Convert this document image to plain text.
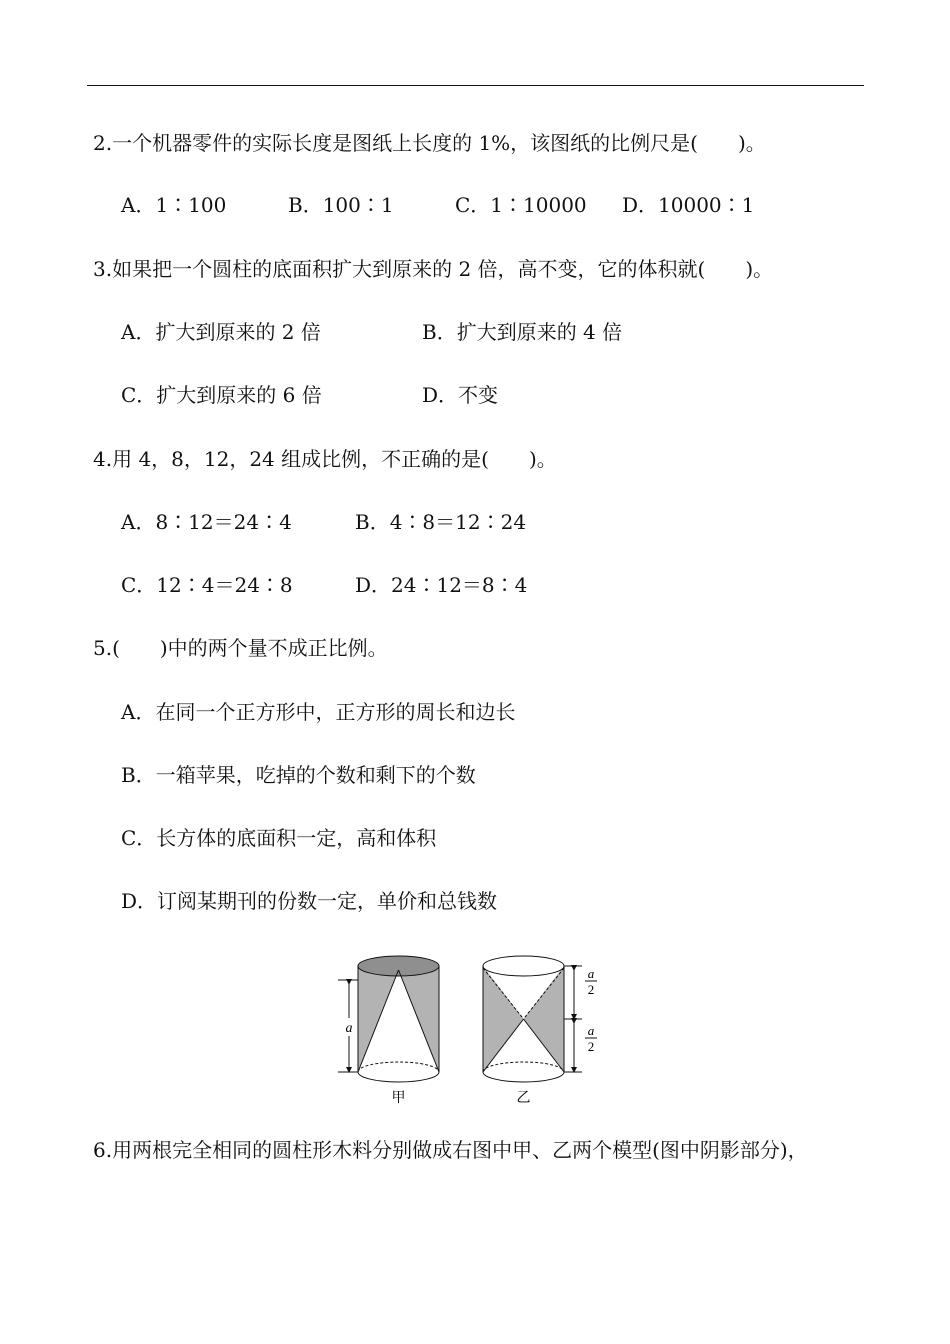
2.一个机器零件的实际长度是图纸上长度的 1%，该图纸的比例尺是(　　)。
A．1∶100	B．100∶1	C．1∶10000 D．10000∶1
3.如果把一个圆柱的底面积扩大到原来的 2 倍，高不变，它的体积就(　　)。
A．扩大到原来的 2 倍	B．扩大到原来的 4 倍
C．扩大到原来的 6 倍	D．不变
4.用 4，8，12，24 组成比例，不正确的是(　　)。
A．8∶12＝24∶4	B．4∶8＝12∶24
C．12∶4＝24∶8	D．24∶12＝8∶4
5.(　　)中的两个量不成正比例。
A．在同一个正方形中，正方形的周长和边长
B．一箱苹果，吃掉的个数和剩下的个数
C．长方体的底面积一定，高和体积
D．订阅某期刊的份数一定，单价和总钱数
a
a
2
a
2
甲	乙
6.用两根完全相同的圆柱形木料分别做成右图中甲、乙两个模型(图中阴影部分)，
